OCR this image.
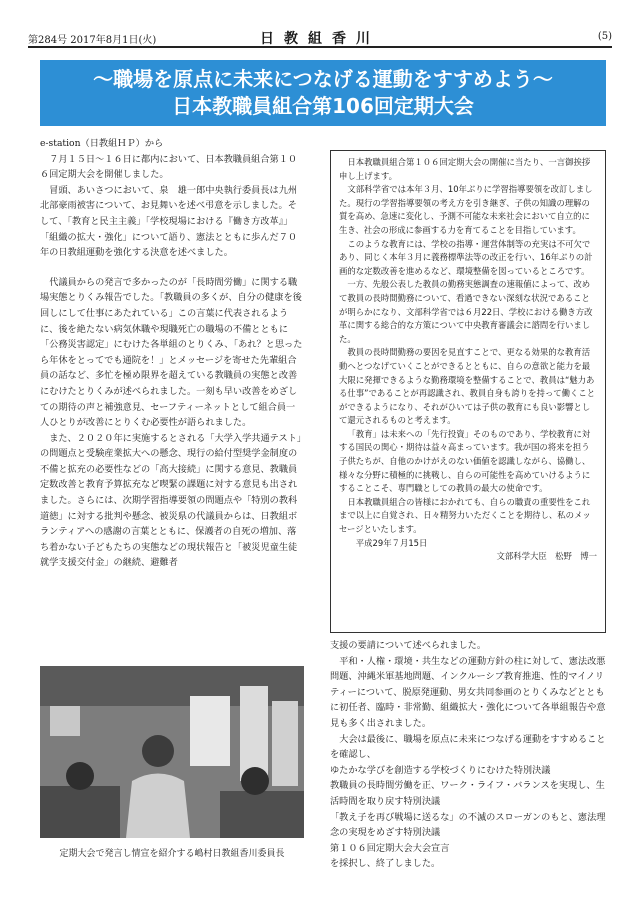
第284号 2017年8月1日(火)	日教組香川	(5)
～職場を原点に未来につなげる運動をすすめよう～
日本教職員組合第106回定期大会

e-station（日教組ＨＰ）から

７月１５日～１６日に都内において、日本教職員組合第１０６回定期大会を開催しました。

冒頭、あいさつにおいて、泉　雄一郎中央執行委員長は九州北部豪雨被害について、お見舞いを述べ弔意を示しました。そして、「教育と民主主義」「学校現場における『働き方改革』」「組織の拡大・強化」について語り、憲法とともに歩んだ７０年の日教組運動を強化する決意を述べました。

代議員からの発言で多かったのが「長時間労働」に関する職場実態とりくみ報告でした。「教職員の多くが、自分の健康を後回しにして仕事にあたれている」この言葉に代表されるように、後を絶たない病気休職や現職死亡の職場の不備とともに「公務災害認定」にむけた各単組のとりくみ、「あれ？と思ったら年休をとってでも通院を！」とメッセージを寄せた先輩組合員の話など、多忙を極め限界を超えている教職員の実態と改善にむけたとりくみが述べられました。一刻も早い改善をめざしての期待の声と補強意見、セーフティーネットとして組合員一人ひとりが改善にとりくむ必要性が語られました。

また、２０２０年に実施するとされる「大学入学共通テスト」の問題点と受験産業拡大への懸念、現行の給付型奨学金制度の不備と拡充の必要性などの「高大接続」に関する意見、教職員定数改善と教育予算拡充など喫緊の課題に対する意見も出されました。さらには、次期学習指導要領の問題点や「特別の教科　道徳」に対する批判や懸念、被災県の代議員からは、日教組ボランティアへの感謝の言葉とともに、保護者の自死の増加、落ち着かない子どもたちの実態などの現状報告と「被災児童生徒就学支援交付金」の継続、避難者

定期大会で発言し情宣を紹介する嶋村日教組香川委員長

日本教職員組合第１０６回定期大会の開催に当たり、一言御挨拶申し上げます。

文部科学省では本年３月、10年ぶりに学習指導要領を改訂しました。現行の学習指導要領の考え方を引き継ぎ、子供の知識の理解の質を高め、急速に変化し、予測不可能な未来社会において自立的に生き、社会の形成に参画する力を育てることを目指しています。

このような教育には、学校の指導・運営体制等の充実は不可欠であり、同じく本年３月に義務標準法等の改正を行い、16年ぶりの計画的な定数改善を進めるなど、環境整備を図っているところです。

一方、先般公表した教員の勤務実態調査の速報値によって、改めて教員の長時間勤務について、看過できない深刻な状況であることが明らかになり、文部科学省では６月22日、学校における働き方改革に関する総合的な方策について中央教育審議会に諮問を行いました。

教員の長時間勤務の要因を見直すことで、更なる効果的な教育活動へとつなげていくことができるとともに、自らの意欲と能力を最大限に発揮できるような勤務環境を整備することで、教員は“魅力ある仕事”であることが再認識され、教員自身も誇りを持って働くことができるようになり、それがひいては子供の教育にも良い影響として還元されるものと考えます。

「教育」は未来への「先行投資」そのものであり、学校教育に対する国民の関心・期待は益々高まっています。我が国の将来を担う子供たちが、自他のかけがえのない価値を認識しながら、協働し、様々な分野に積極的に挑戦し、自らの可能性を高めていけるようにすることこそ、専門職としての教員の最大の使命です。

日本教職員組合の皆様におかれても、自らの職責の重要性をこれまで以上に自覚され、日々精努力いただくことを期待し、私のメッセージといたします。

平成29年７月15日

文部科学大臣　松野　博一

支援の要請について述べられました。

平和・人権・環境・共生などの運動方針の柱に対して、憲法改悪問題、沖縄米軍基地問題、インクルーシブ教育推進、性的マイノリティーについて、脱原発運動、男女共同参画のとりくみなどとともに初任者、臨時・非常勤、組織拡大・強化について各単組報告や意見も多く出されました。

大会は最後に、職場を原点に未来につなげる運動をすすめることを確認し、

ゆたかな学びを創造する学校づくりにむけた特別決議

教職員の長時間労働を正、ワーク・ライフ・バランスを実現し、生活時間を取り戻す特別決議

「教え子を再び戦場に送るな」の不滅のスローガンのもと、憲法理念の実現をめざす特別決議

第１０６回定期大会大会宣言

を採択し、終了しました。
